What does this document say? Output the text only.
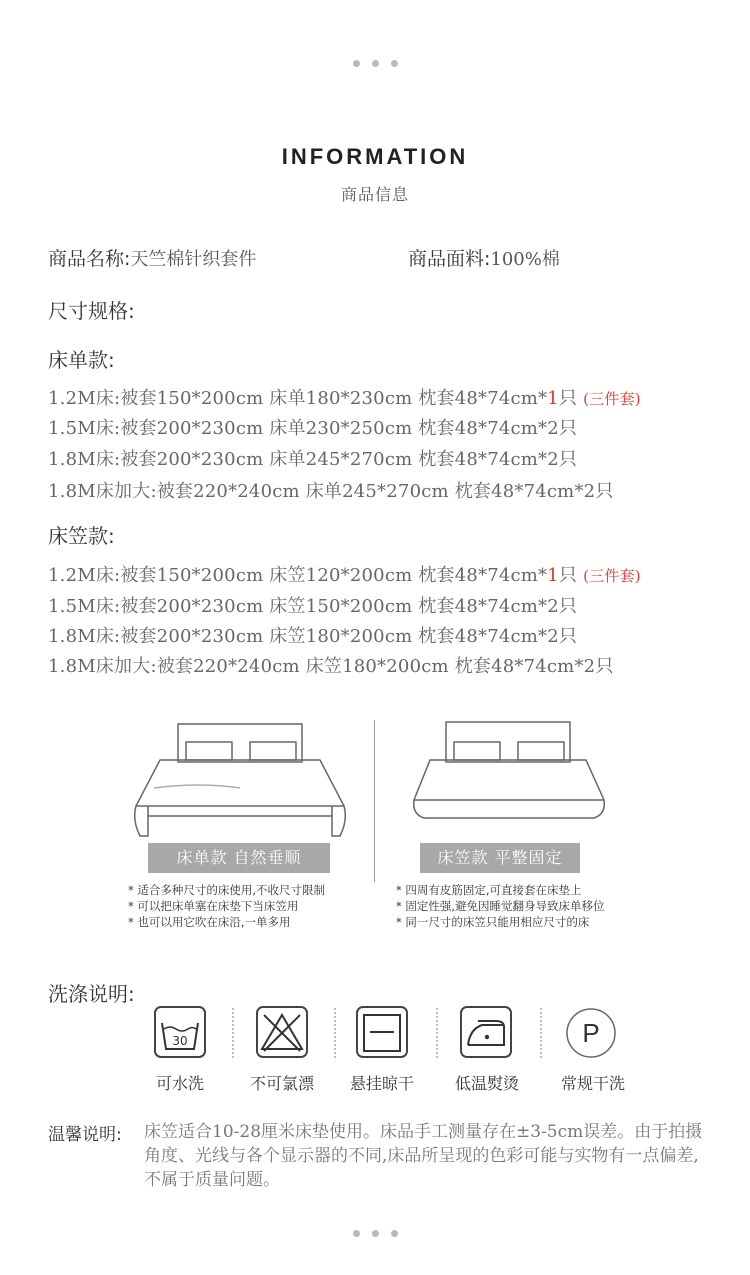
INFORMATION
商品信息
商品名称:天竺棉针织套件	商品面料:100%棉
尺寸规格:
床单款:
1.2M床:被套150*200cm 床单180*230cm 枕套48*74cm*1只 (三件套)
1.5M床:被套200*230cm 床单230*250cm 枕套48*74cm*2只
1.8M床:被套200*230cm 床单245*270cm 枕套48*74cm*2只
1.8M床加大:被套220*240cm 床单245*270cm 枕套48*74cm*2只
床笠款:
1.2M床:被套150*200cm 床笠120*200cm 枕套48*74cm*1只 (三件套)
1.5M床:被套200*230cm 床笠150*200cm 枕套48*74cm*2只
1.8M床:被套200*230cm 床笠180*200cm 枕套48*74cm*2只
1.8M床加大:被套220*240cm 床笠180*200cm 枕套48*74cm*2只
床单款 自然垂顺
* 适合多种尺寸的床使用,不收尺寸限制
* 可以把床单塞在床垫下当床笠用
* 也可以用它吹在床沿,一单多用
床笠款 平整固定
* 四周有皮筋固定,可直接套在床垫上
* 固定性强,避免因睡觉翻身导致床单移位
* 同一尺寸的床笠只能用相应尺寸的床
洗涤说明:
30	P
可水洗	不可氯漂	悬挂晾干	低温熨烫	常规干洗
温馨说明: 床笠适合10-28厘米床垫使用。床品手工测量存在±3-5cm误差。由于拍摄角度、光线与各个显示器的不同,床品所呈现的色彩可能与实物有一点偏差,不属于质量问题。
